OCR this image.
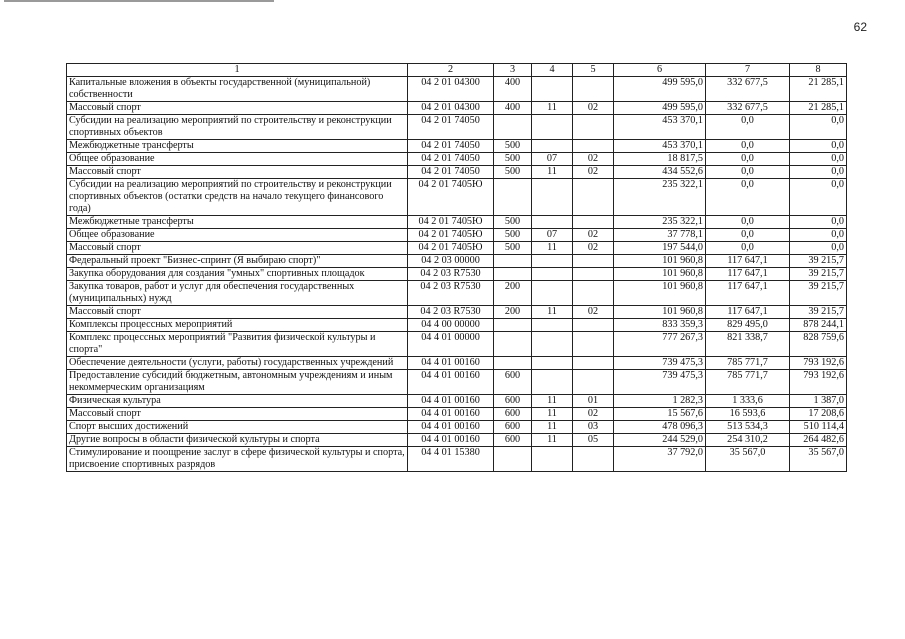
62
1	2	3	4	5	6	7	8
Капитальные вложения в объекты государственной (муниципальной) собственности	04 2 01 04300	400			499 595,0	332 677,5	21 285,1
Массовый спорт	04 2 01 04300	400	11	02	499 595,0	332 677,5	21 285,1
Субсидии на реализацию мероприятий по строительству и реконструкции спортивных объектов	04 2 01 74050				453 370,1	0,0	0,0
Межбюджетные трансферты	04 2 01 74050	500			453 370,1	0,0	0,0
Общее образование	04 2 01 74050	500	07	02	18 817,5	0,0	0,0
Массовый спорт	04 2 01 74050	500	11	02	434 552,6	0,0	0,0
Субсидии на реализацию мероприятий по строительству и реконструкции спортивных объектов (остатки средств на начало текущего финансового года)	04 2 01 7405Ю				235 322,1	0,0	0,0
Межбюджетные трансферты	04 2 01 7405Ю	500			235 322,1	0,0	0,0
Общее образование	04 2 01 7405Ю	500	07	02	37 778,1	0,0	0,0
Массовый спорт	04 2 01 7405Ю	500	11	02	197 544,0	0,0	0,0
Федеральный проект "Бизнес-спринт (Я выбираю спорт)"	04 2 03 00000				101 960,8	117 647,1	39 215,7
Закупка оборудования для создания "умных" спортивных площадок	04 2 03 R7530				101 960,8	117 647,1	39 215,7
Закупка товаров, работ и услуг для обеспечения государственных (муниципальных) нужд	04 2 03 R7530	200			101 960,8	117 647,1	39 215,7
Массовый спорт	04 2 03 R7530	200	11	02	101 960,8	117 647,1	39 215,7
Комплексы процессных мероприятий	04 4 00 00000				833 359,3	829 495,0	878 244,1
Комплекс процессных мероприятий "Развития физической культуры и спорта"	04 4 01 00000				777 267,3	821 338,7	828 759,6
Обеспечение деятельности (услуги, работы) государственных учреждений	04 4 01 00160				739 475,3	785 771,7	793 192,6
Предоставление субсидий бюджетным, автономным учреждениям и иным некоммерческим организациям	04 4 01 00160	600			739 475,3	785 771,7	793 192,6
Физическая культура	04 4 01 00160	600	11	01	1 282,3	1 333,6	1 387,0
Массовый спорт	04 4 01 00160	600	11	02	15 567,6	16 593,6	17 208,6
Спорт высших достижений	04 4 01 00160	600	11	03	478 096,3	513 534,3	510 114,4
Другие вопросы в области физической культуры и спорта	04 4 01 00160	600	11	05	244 529,0	254 310,2	264 482,6
Стимулирование и поощрение заслуг в сфере физической культуры и спорта, присвоение спортивных разрядов	04 4 01 15380				37 792,0	35 567,0	35 567,0
